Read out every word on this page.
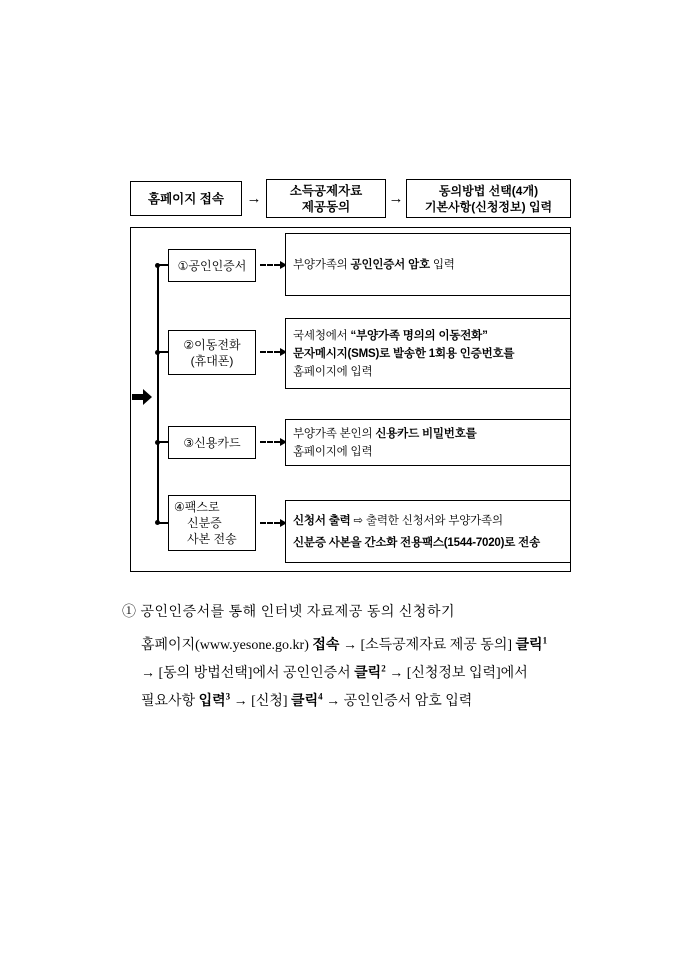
홈페이지 접속	→	소득공제자료
제공동의	→	동의방법 선택(4개)
기본사항(신청정보) 입력
①공인인증서	부양가족의 공인인증서 암호 입력
②이동전화
(휴대폰)
국세청에서 “부양가족 명의의 이동전화”
문자메시지(SMS)로 발송한 1회용 인증번호를
홈페이지에 입력
③신용카드
부양가족 본인의 신용카드 비밀번호를
홈페이지에 입력
④팩스로
신분증
사본 전송
신청서 출력 ⇨ 출력한 신청서와 부양가족의
신분증 사본을 간소화 전용팩스(1544-7020)로 전송
① 공인인증서를 통해 인터넷 자료제공 동의 신청하기
홈페이지(www.yesone.go.kr) 접속 → [소득공제자료 제공 동의] 클릭$^1$
→ [동의 방법선택]에서 공인인증서 클릭$^2$ → [신청정보 입력]에서
필요사항 입력$^3$ → [신청] 클릭$^4$ → 공인인증서 암호 입력
